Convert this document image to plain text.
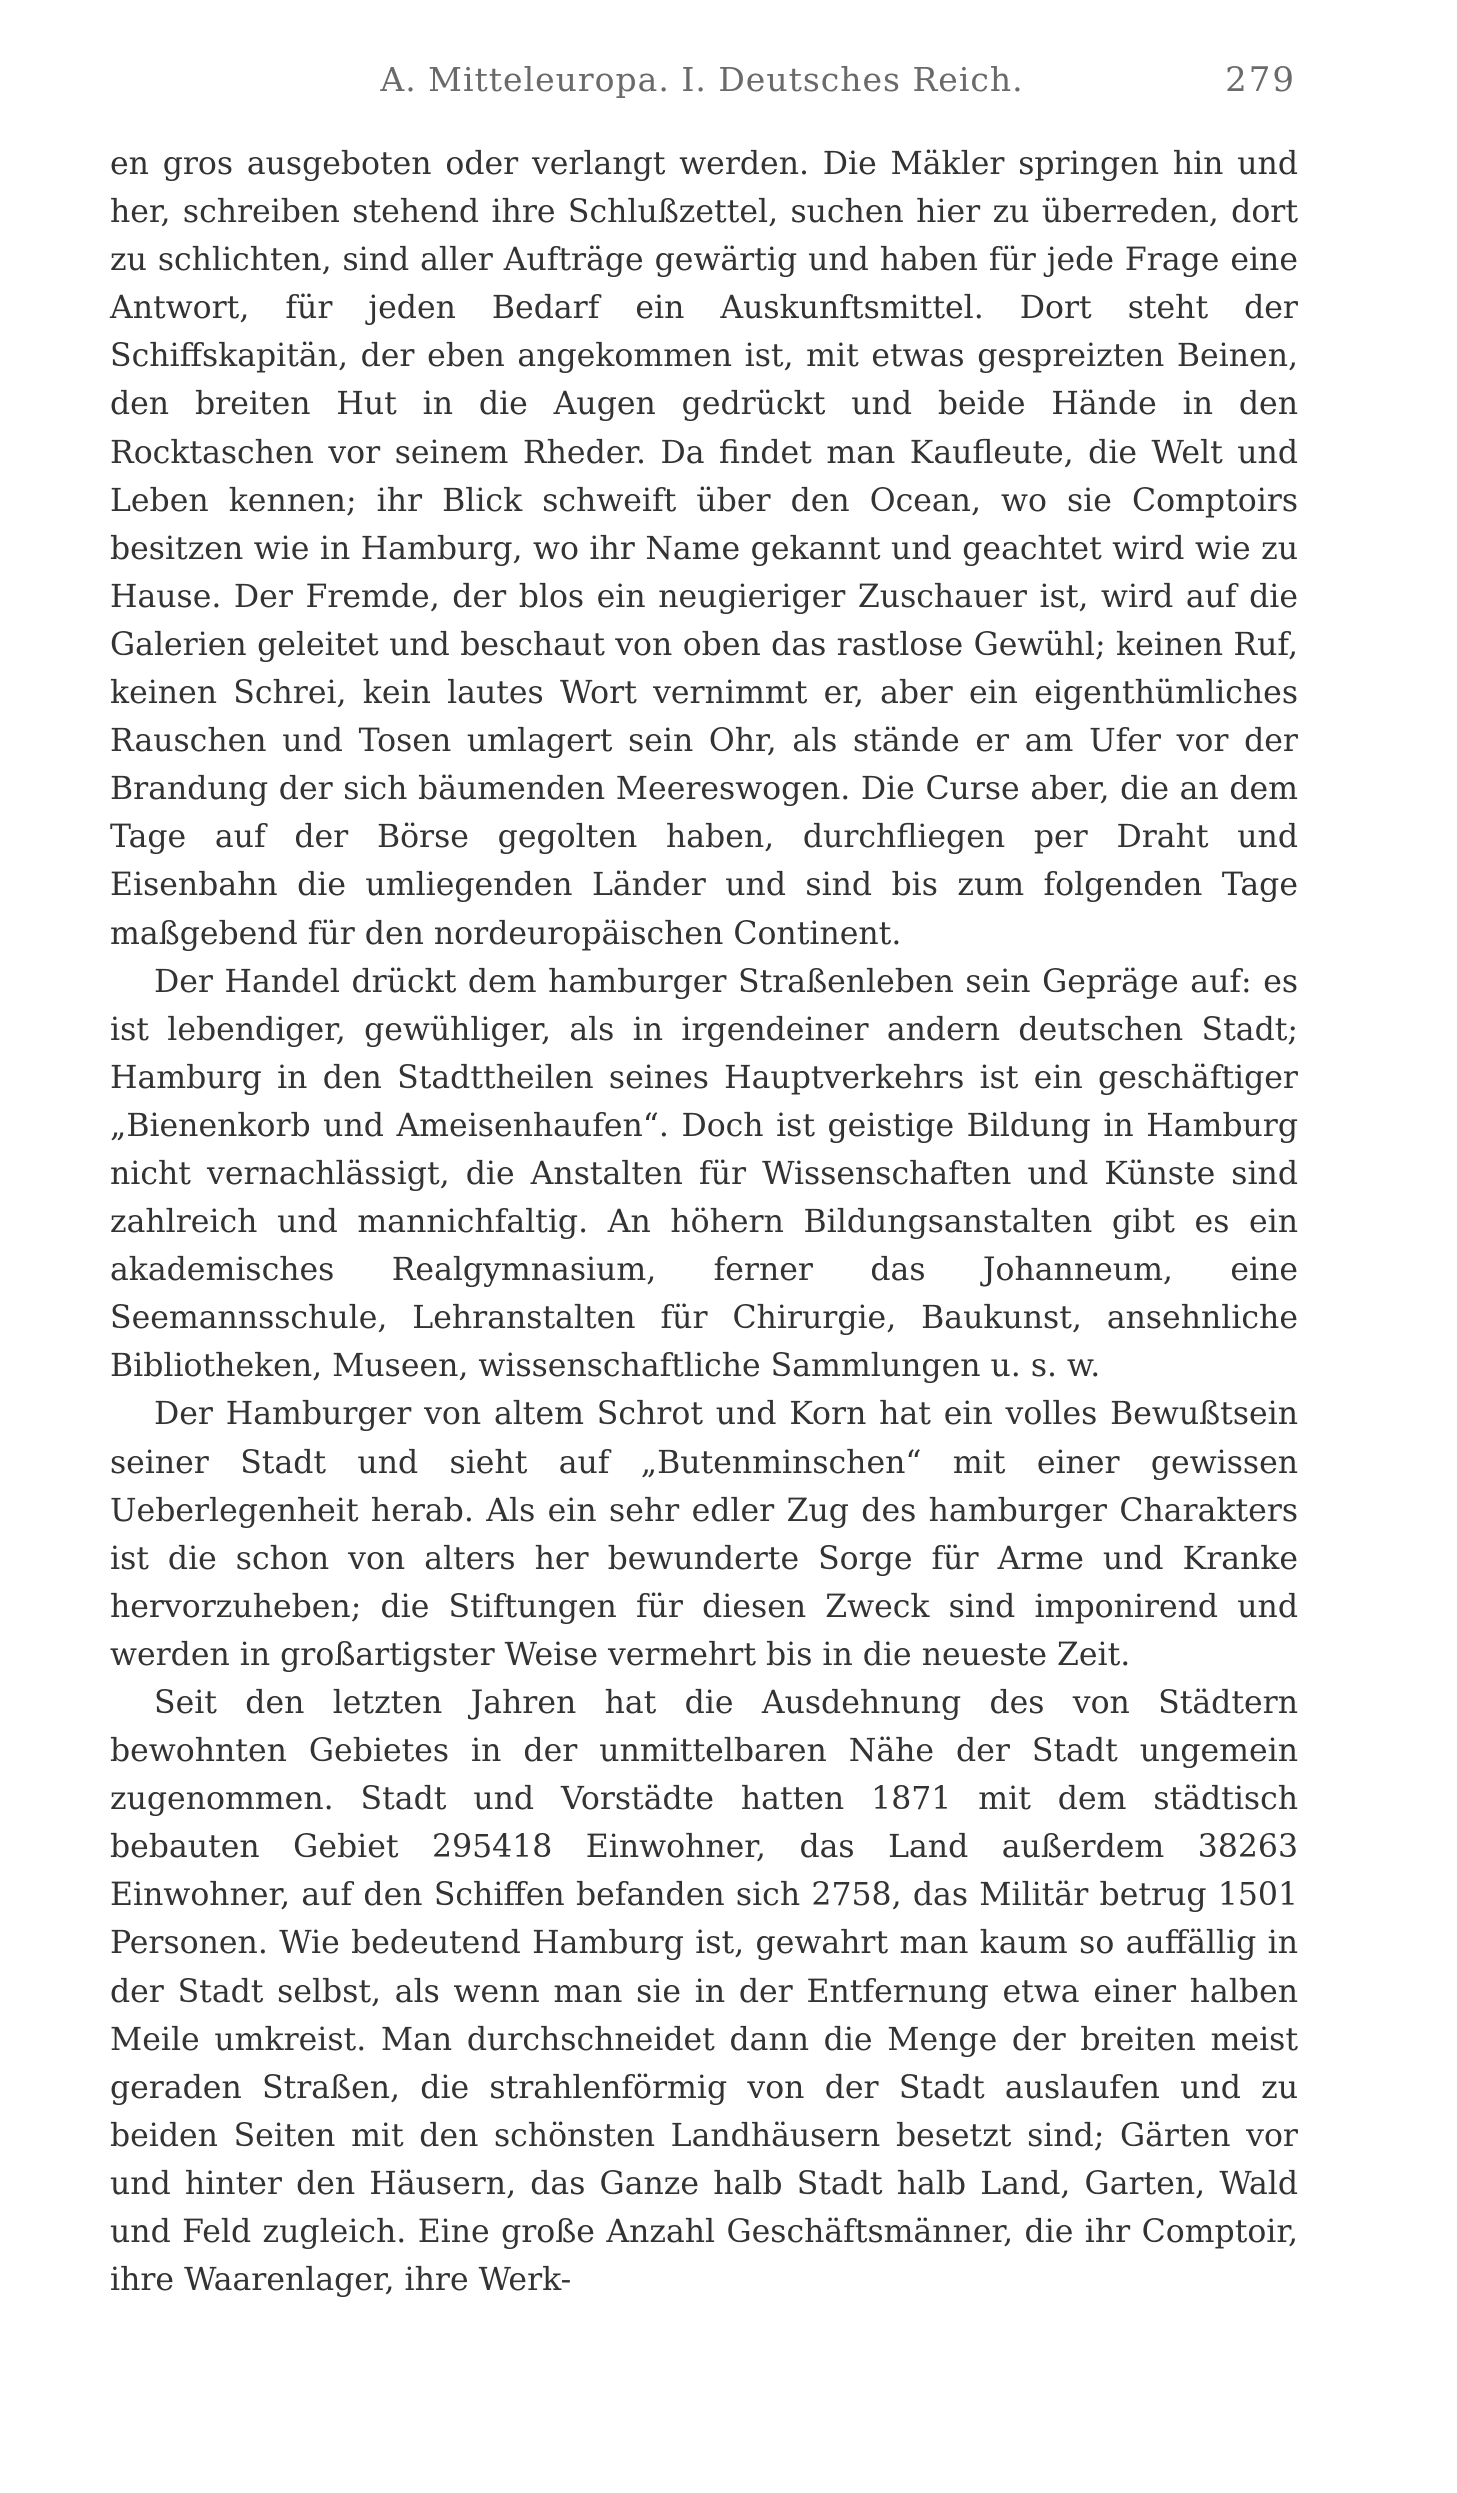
A. Mitteleuropa. I. Deutsches Reich.	279

en gros ausgeboten oder verlangt werden. Die Mäkler springen hin und her, schreiben stehend ihre Schlußzettel, suchen hier zu überreden, dort zu schlichten, sind aller Aufträge gewärtig und haben für jede Frage eine Antwort, für jeden Bedarf ein Auskunftsmittel. Dort steht der Schiffskapitän, der eben angekommen ist, mit etwas gespreizten Beinen, den breiten Hut in die Augen gedrückt und beide Hände in den Rocktaschen vor seinem Rheder. Da findet man Kaufleute, die Welt und Leben kennen; ihr Blick schweift über den Ocean, wo sie Comptoirs besitzen wie in Hamburg, wo ihr Name gekannt und geachtet wird wie zu Hause. Der Fremde, der blos ein neugieriger Zuschauer ist, wird auf die Galerien geleitet und beschaut von oben das rastlose Gewühl; keinen Ruf, keinen Schrei, kein lautes Wort vernimmt er, aber ein eigenthümliches Rauschen und Tosen umlagert sein Ohr, als stände er am Ufer vor der Brandung der sich bäumenden Meereswogen. Die Curse aber, die an dem Tage auf der Börse gegolten haben, durchfliegen per Draht und Eisenbahn die umliegenden Länder und sind bis zum folgenden Tage maßgebend für den nordeuropäischen Continent.

Der Handel drückt dem hamburger Straßenleben sein Gepräge auf: es ist lebendiger, gewühliger, als in irgendeiner andern deutschen Stadt; Hamburg in den Stadttheilen seines Hauptverkehrs ist ein geschäftiger „Bienenkorb und Ameisenhaufen“. Doch ist geistige Bildung in Hamburg nicht vernachlässigt, die Anstalten für Wissenschaften und Künste sind zahlreich und mannichfaltig. An höhern Bildungsanstalten gibt es ein akademisches Realgymnasium, ferner das Johanneum, eine Seemannsschule, Lehranstalten für Chirurgie, Baukunst, ansehnliche Bibliotheken, Museen, wissenschaftliche Sammlungen u. s. w.

Der Hamburger von altem Schrot und Korn hat ein volles Bewußtsein seiner Stadt und sieht auf „Butenminschen“ mit einer gewissen Ueberlegenheit herab. Als ein sehr edler Zug des hamburger Charakters ist die schon von alters her bewunderte Sorge für Arme und Kranke hervorzuheben; die Stiftungen für diesen Zweck sind imponirend und werden in großartigster Weise vermehrt bis in die neueste Zeit.

Seit den letzten Jahren hat die Ausdehnung des von Städtern bewohnten Gebietes in der unmittelbaren Nähe der Stadt ungemein zugenommen. Stadt und Vorstädte hatten 1871 mit dem städtisch bebauten Gebiet 295418 Einwohner, das Land außerdem 38263 Einwohner, auf den Schiffen befanden sich 2758, das Militär betrug 1501 Personen. Wie bedeutend Hamburg ist, gewahrt man kaum so auffällig in der Stadt selbst, als wenn man sie in der Entfernung etwa einer halben Meile umkreist. Man durchschneidet dann die Menge der breiten meist geraden Straßen, die strahlenförmig von der Stadt auslaufen und zu beiden Seiten mit den schönsten Landhäusern besetzt sind; Gärten vor und hinter den Häusern, das Ganze halb Stadt halb Land, Garten, Wald und Feld zugleich. Eine große Anzahl Geschäftsmänner, die ihr Comptoir, ihre Waarenlager, ihre Werk-
